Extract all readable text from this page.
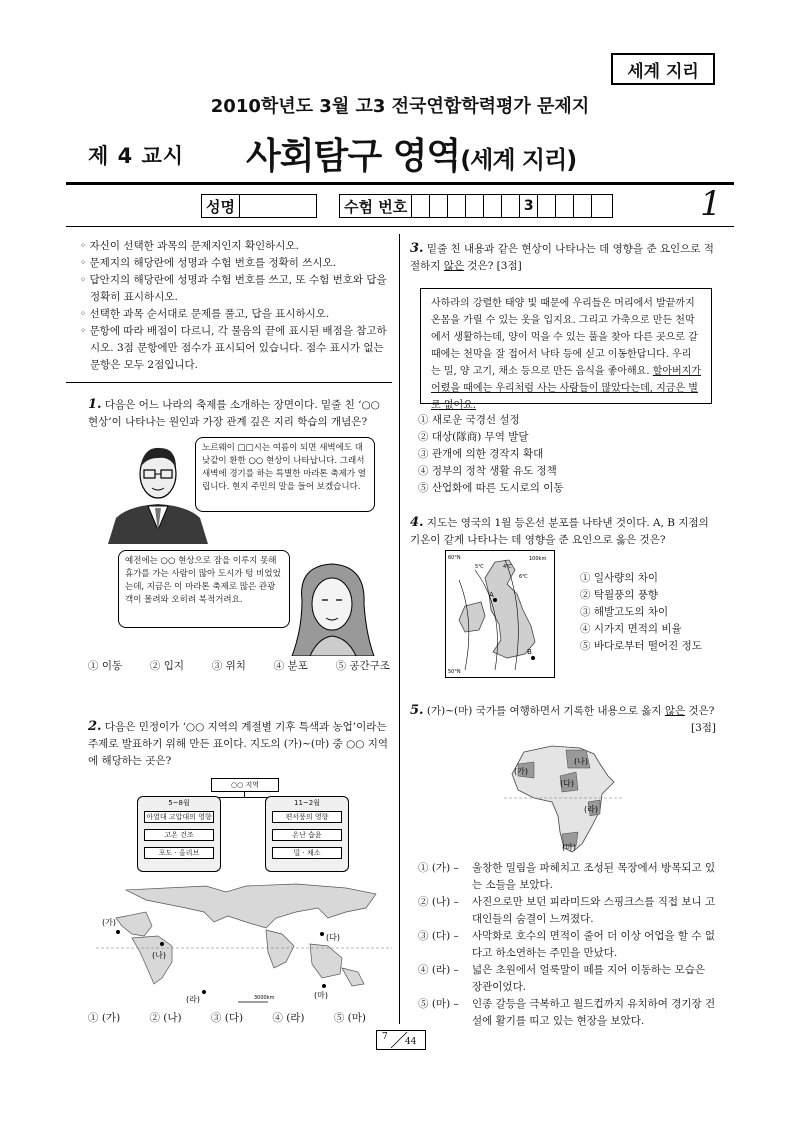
세계 지리
2010학년도 3월 고3 전국연합학력평가 문제지
제 4 교시 사회탐구 영역(세계 지리)
성명	수험 번호	3	1
◦ 자신이 선택한 과목의 문제지인지 확인하시오.
◦ 문제지의 해당란에 성명과 수험 번호를 정확히 쓰시오.
◦ 답안지의 해당란에 성명과 수험 번호를 쓰고, 또 수험 번호와 답을 정확히 표시하시오.
◦ 선택한 과목 순서대로 문제를 풀고, 답을 표시하시오.
◦ 문항에 따라 배점이 다르니, 각 물음의 끝에 표시된 배점을 참고하시오. 3점 문항에만 점수가 표시되어 있습니다. 점수 표시가 없는 문항은 모두 2점입니다.
1. 다음은 어느 나라의 축제를 소개하는 장면이다. 밑줄 친 ‘○○ 현상’이 나타나는 원인과 가장 관계 깊은 지리 학습의 개념은?
노르웨이 □□시는 여름이 되면 새벽에도 대낮같이 환한 ○○ 현상이 나타납니다. 그래서 새벽에 경기를 하는 특별한 마라톤 축제가 열립니다. 현지 주민의 말을 들어 보겠습니다.
예전에는 ○○ 현상으로 잠을 이루지 못해 휴가를 가는 사람이 많아 도시가 텅 비었었는데, 지금은 이 마라톤 축제로 많은 관광객이 몰려와 오히려 북적거려요.
① 이동	② 입지	③ 위치	④ 분포	⑤ 공간구조
2. 다음은 민정이가 ‘○○ 지역의 계절별 기후 특색과 농업’이라는 주제로 발표하기 위해 만든 표이다. 지도의 (가)~(마) 중 ○○ 지역에 해당하는 곳은?
○○ 지역
5~8월
아열대 고압대의 영향
고온 건조
포도 · 올리브
11~2월
편서풍의 영향
온난 습윤
밀 · 채소
(가)
(나)
(다)
(라)	(마)
3000km
① (가)	② (나)	③ (다)	④ (라)	⑤ (마)
3. 밑줄 친 내용과 같은 현상이 나타나는 데 영향을 준 요인으로 적절하지 않은 것은? [3점]
사하라의 강렬한 태양 빛 때문에 우리들은 머리에서 발끝까지 온몸을 가릴 수 있는 옷을 입지요. 그리고 가축으로 만든 천막에서 생활하는데, 양이 먹을 수 있는 풀을 찾아 다른 곳으로 갈 때에는 천막을 잘 접어서 낙타 등에 싣고 이동한답니다. 우리는 밀, 양 고기, 채소 등으로 만든 음식을 좋아해요. 할아버지가 어렸을 때에는 우리처럼 사는 사람들이 많았다는데, 지금은 별로 없어요.
① 새로운 국경선 설정
② 대상(隊商) 무역 발달
③ 관개에 의한 경작지 확대
④ 정부의 정착 생활 유도 정책
⑤ 산업화에 따른 도시로의 이동
4. 지도는 영국의 1월 등온선 분포를 나타낸 것이다. A, B 지점의 기온이 같게 나타나는 데 영향을 준 요인으로 옳은 것은?
60°N
50°N
5℃	4℃
6℃
100km
A
B
① 일사량의 차이
② 탁월풍의 풍향
③ 해발고도의 차이
④ 시가지 면적의 비율
⑤ 바다로부터 떨어진 정도
5. (가)~(마) 국가를 여행하면서 기록한 내용으로 옳지 않은 것은?
[3점]
(가)
(나)
(다)
(라)
(마)
① (가) –	울창한 밀림을 파헤치고 조성된 목장에서 방목되고 있는 소들을 보았다.
② (나) –	사진으로만 보던 피라미드와 스핑크스를 직접 보니 고대인들의 숨결이 느껴졌다.
③ (다) –	사막화로 호수의 면적이 줄어 더 이상 어업을 할 수 없다고 하소연하는 주민을 만났다.
④ (라) –	넓은 초원에서 얼룩말이 떼를 지어 이동하는 모습은 장관이었다.
⑤ (마) –	인종 갈등을 극복하고 월드컵까지 유치하여 경기장 건설에 활기를 띠고 있는 현장을 보았다.
7 44
